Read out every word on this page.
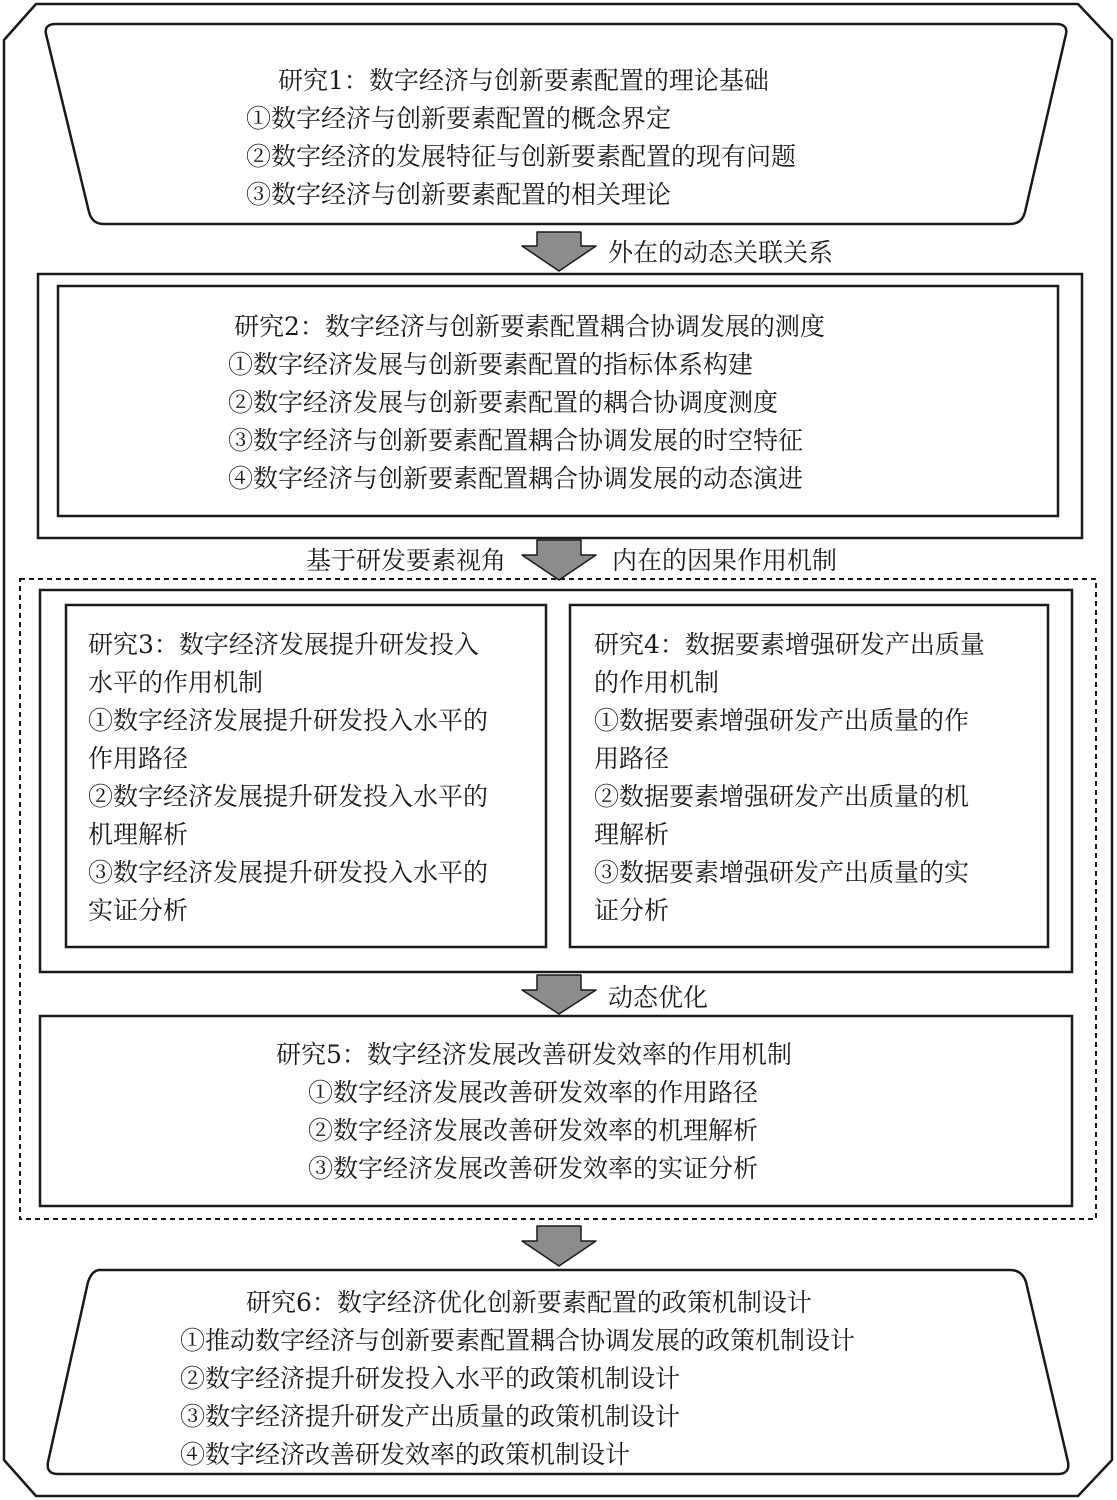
研究1：数字经济与创新要素配置的理论基础
①数字经济与创新要素配置的概念界定 ②数字经济的发展特征与创新要素配置的现有问题 ③数字经济与创新要素配置的相关理论
外在的动态关联关系
研究2：数字经济与创新要素配置耦合协调发展的测度
①数字经济发展与创新要素配置的指标体系构建
②数字经济发展与创新要素配置的耦合协调度测度
③数字经济与创新要素配置耦合协调发展的时空特征
④数字经济与创新要素配置耦合协调发展的动态演进
基于研发要素视角	内在的因果作用机制
研究3：数字经济发展提升研发投入
水平的作用机制
①数字经济发展提升研发投入水平的
作用路径
②数字经济发展提升研发投入水平的
机理解析
③数字经济发展提升研发投入水平的
实证分析
研究4：数据要素增强研发产出质量
的作用机制
①数据要素增强研发产出质量的作
用路径
②数据要素增强研发产出质量的机
理解析
③数据要素增强研发产出质量的实
证分析
动态优化
研究5：数字经济发展改善研发效率的作用机制
①数字经济发展改善研发效率的作用路径
②数字经济发展改善研发效率的机理解析
③数字经济发展改善研发效率的实证分析
研究6：数字经济优化创新要素配置的政策机制设计
①推动数字经济与创新要素配置耦合协调发展的政策机制设计
②数字经济提升研发投入水平的政策机制设计
③数字经济提升研发产出质量的政策机制设计
④数字经济改善研发效率的政策机制设计
